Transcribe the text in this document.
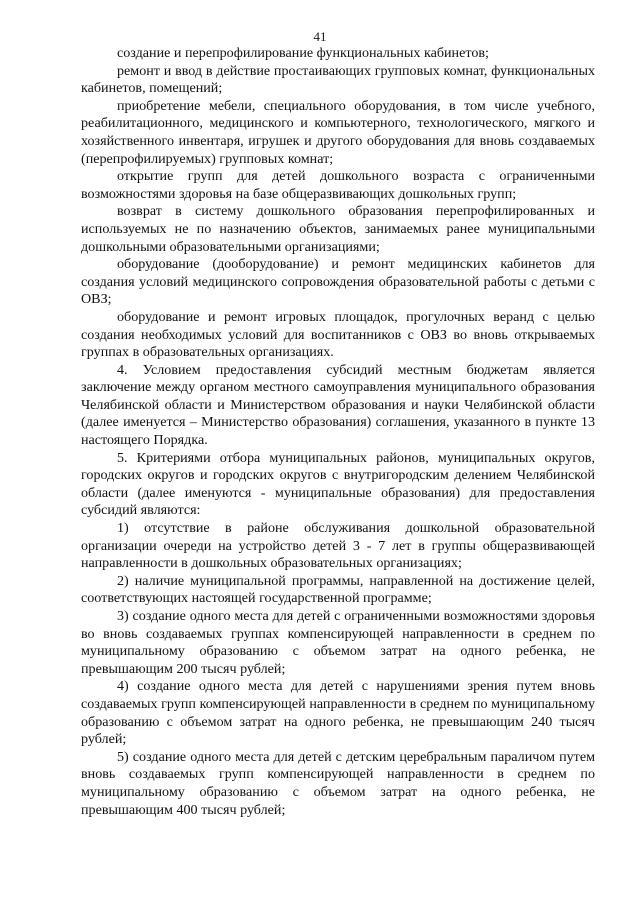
41

создание и перепрофилирование функциональных кабинетов;

ремонт и ввод в действие простаивающих групповых комнат, функциональных кабинетов, помещений;

приобретение мебели, специального оборудования, в том числе учебного, реабилитационного, медицинского и компьютерного, технологического, мягкого и хозяйственного инвентаря, игрушек и другого оборудования для вновь создаваемых (перепрофилируемых) групповых комнат;

открытие групп для детей дошкольного возраста с ограниченными возможностями здоровья на базе общеразвивающих дошкольных групп;

возврат в систему дошкольного образования перепрофилированных и используемых не по назначению объектов, занимаемых ранее муниципальными дошкольными образовательными организациями;

оборудование (дооборудование) и ремонт медицинских кабинетов для создания условий медицинского сопровождения образовательной работы с детьми с ОВЗ;

оборудование и ремонт игровых площадок, прогулочных веранд с целью создания необходимых условий для воспитанников с ОВЗ во вновь открываемых группах в образовательных организациях.

4. Условием предоставления субсидий местным бюджетам является заключение между органом местного самоуправления муниципального образования Челябинской области и Министерством образования и науки Челябинской области (далее именуется – Министерство образования) соглашения, указанного в пункте 13 настоящего Порядка.

5. Критериями отбора муниципальных районов, муниципальных округов, городских округов и городских округов с внутригородским делением Челябинской области (далее именуются - муниципальные образования) для предоставления субсидий являются:

1) отсутствие в районе обслуживания дошкольной образовательной организации очереди на устройство детей 3 - 7 лет в группы общеразвивающей направленности в дошкольных образовательных организациях;

2) наличие муниципальной программы, направленной на достижение целей, соответствующих настоящей государственной программе;

3) создание одного места для детей с ограниченными возможностями здоровья во вновь создаваемых группах компенсирующей направленности в среднем по муниципальному образованию с объемом затрат на одного ребенка, не превышающим 200 тысяч рублей;

4) создание одного места для детей с нарушениями зрения путем вновь создаваемых групп компенсирующей направленности в среднем по муниципальному образованию с объемом затрат на одного ребенка, не превышающим 240 тысяч рублей;

5) создание одного места для детей с детским церебральным параличом путем вновь создаваемых групп компенсирующей направленности в среднем по муниципальному образованию с объемом затрат на одного ребенка, не превышающим 400 тысяч рублей;
